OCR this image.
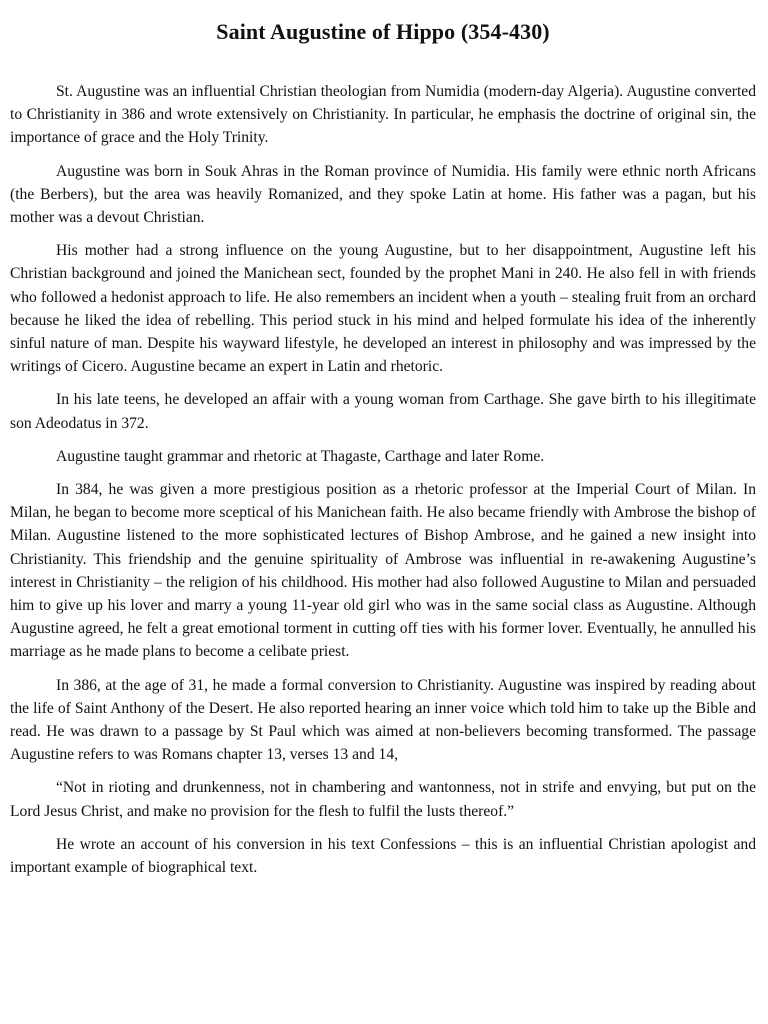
Saint Augustine of Hippo (354-430)

St. Augustine was an influential Christian theologian from Numidia (modern-day Algeria). Augustine converted to Christianity in 386 and wrote extensively on Christianity. In particular, he emphasis the doctrine of original sin, the importance of grace and the Holy Trinity.

Augustine was born in Souk Ahras in the Roman province of Numidia. His family were ethnic north Africans (the Berbers), but the area was heavily Romanized, and they spoke Latin at home. His father was a pagan, but his mother was a devout Christian.

His mother had a strong influence on the young Augustine, but to her disappointment, Augustine left his Christian background and joined the Manichean sect, founded by the prophet Mani in 240. He also fell in with friends who followed a hedonist approach to life. He also remembers an incident when a youth – stealing fruit from an orchard because he liked the idea of rebelling. This period stuck in his mind and helped formulate his idea of the inherently sinful nature of man. Despite his wayward lifestyle, he developed an interest in philosophy and was impressed by the writings of Cicero. Augustine became an expert in Latin and rhetoric.

In his late teens, he developed an affair with a young woman from Carthage. She gave birth to his illegitimate son Adeodatus in 372.

Augustine taught grammar and rhetoric at Thagaste, Carthage and later Rome.

In 384, he was given a more prestigious position as a rhetoric professor at the Imperial Court of Milan. In Milan, he began to become more sceptical of his Manichean faith. He also became friendly with Ambrose the bishop of Milan. Augustine listened to the more sophisticated lectures of Bishop Ambrose, and he gained a new insight into Christianity. This friendship and the genuine spirituality of Ambrose was influential in re-awakening Augustine’s interest in Christianity – the religion of his childhood. His mother had also followed Augustine to Milan and persuaded him to give up his lover and marry a young 11-year old girl who was in the same social class as Augustine. Although Augustine agreed, he felt a great emotional torment in cutting off ties with his former lover. Eventually, he annulled his marriage as he made plans to become a celibate priest.

In 386, at the age of 31, he made a formal conversion to Christianity. Augustine was inspired by reading about the life of Saint Anthony of the Desert. He also reported hearing an inner voice which told him to take up the Bible and read. He was drawn to a passage by St Paul which was aimed at non-believers becoming transformed. The passage Augustine refers to was Romans chapter 13, verses 13 and 14,

“Not in rioting and drunkenness, not in chambering and wantonness, not in strife and envying, but put on the Lord Jesus Christ, and make no provision for the flesh to fulfil the lusts thereof.”

He wrote an account of his conversion in his text Confessions – this is an influential Christian apologist and important example of biographical text.
